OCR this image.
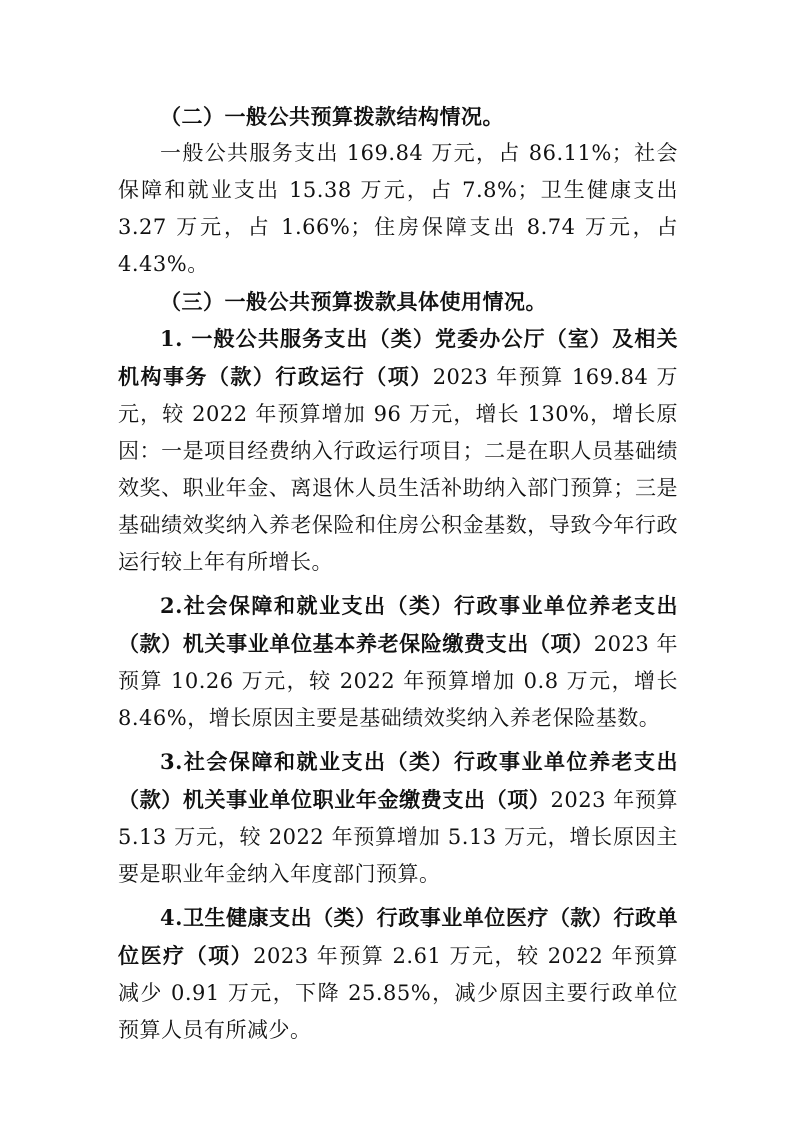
（二）一般公共预算拨款结构情况。

一般公共服务支出 169.84 万元，占 86.11%；社会保障和就业支出 15.38 万元，占 7.8%；卫生健康支出 3.27 万元，占 1.66%；住房保障支出 8.74 万元，占 4.43%。

（三）一般公共预算拨款具体使用情况。

1. 一般公共服务支出（类）党委办公厅（室）及相关机构事务（款）行政运行（项）2023 年预算 169.84 万元，较 2022 年预算增加 96 万元，增长 130%，增长原因：一是项目经费纳入行政运行项目；二是在职人员基础绩效奖、职业年金、离退休人员生活补助纳入部门预算；三是基础绩效奖纳入养老保险和住房公积金基数，导致今年行政运行较上年有所增长。

2.社会保障和就业支出（类）行政事业单位养老支出（款）机关事业单位基本养老保险缴费支出（项）2023 年预算 10.26 万元，较 2022 年预算增加 0.8 万元，增长 8.46%，增长原因主要是基础绩效奖纳入养老保险基数。

3.社会保障和就业支出（类）行政事业单位养老支出（款）机关事业单位职业年金缴费支出（项）2023 年预算 5.13 万元，较 2022 年预算增加 5.13 万元，增长原因主要是职业年金纳入年度部门预算。

4.卫生健康支出（类）行政事业单位医疗（款）行政单位医疗（项）2023 年预算 2.61 万元，较 2022 年预算减少 0.91 万元，下降 25.85%，减少原因主要行政单位预算人员有所减少。
